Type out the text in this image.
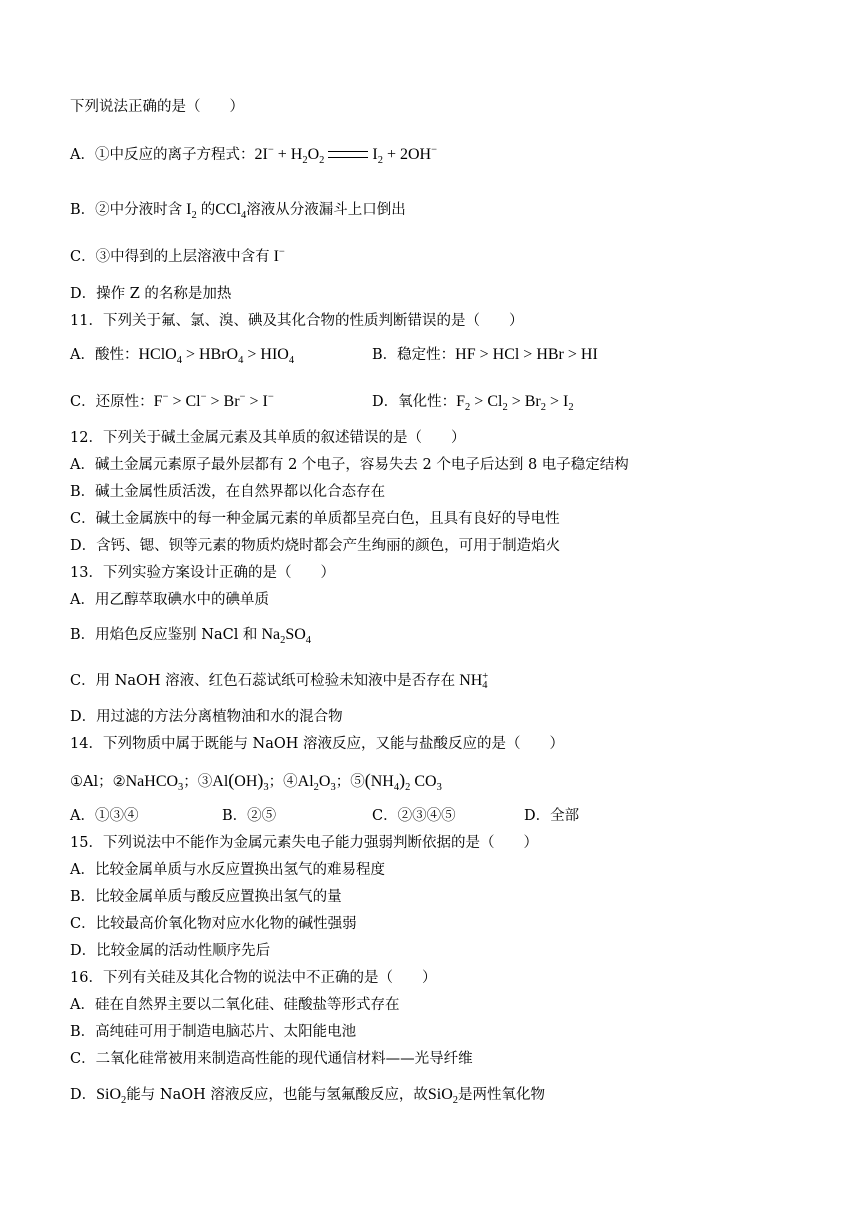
下列说法正确的是（　　）
A．①中反应的离子方程式：$2I^- + H_2O_2$	$I_2 + 2OH^-$
B．②中分液时含 $I_2$ 的CCl$_4$溶液从分液漏斗上口倒出
C．③中得到的上层溶液中含有 I−
D．操作 Z 的名称是加热
11．下列关于氟、氯、溴、碘及其化合物的性质判断错误的是（　　）
A．酸性：HClO$_4$ > HBrO$_4$ > $HIO_4$	B．稳定性：HF > HCl > HBr > HI
C．还原性：F− > Cl− > Br− > I−	D．氧化性：$F_2 > Cl_2 > Br_2 > I_2$
12．下列关于碱土金属元素及其单质的叙述错误的是（　　）
A．碱土金属元素原子最外层都有 2 个电子，容易失去 2 个电子后达到 8 电子稳定结构
B．碱土金属性质活泼，在自然界都以化合态存在
C．碱土金属族中的每一种金属元素的单质都呈亮白色，且具有良好的导电性
D．含钙、锶、钡等元素的物质灼烧时都会产生绚丽的颜色，可用于制造焰火
13．下列实验方案设计正确的是（　　）
A．用乙醇萃取碘水中的碘单质
B．用焰色反应鉴别 NaCl 和 $Na_2SO_4$
C．用 NaOH 溶液、红色石蕊试纸可检验未知液中是否存在 NH +
4
D．用过滤的方法分离植物油和水的混合物
14．下列物质中属于既能与 NaOH 溶液反应，又能与盐酸反应的是（　　）
①Al；②NaHCO$_3$；$③Al(OH)_3$；$④Al_2O_3$；$⑤(NH_4)_2$ $CO_3$
A．①③④	B．②⑤	C．②③④⑤	D．全部
15．下列说法中不能作为金属元素失电子能力强弱判断依据的是（　　）
A．比较金属单质与水反应置换出氢气的难易程度
B．比较金属单质与酸反应置换出氢气的量
C．比较最高价氧化物对应水化物的碱性强弱
D．比较金属的活动性顺序先后
16．下列有关硅及其化合物的说法中不正确的是（　　）
A．硅在自然界主要以二氧化硅、硅酸盐等形式存在
B．高纯硅可用于制造电脑芯片、太阳能电池
C．二氧化硅常被用来制造高性能的现代通信材料——光导纤维
D．SiO$_2$能与 NaOH 溶液反应，也能与氢氟酸反应，故SiO$_2$是两性氧化物
